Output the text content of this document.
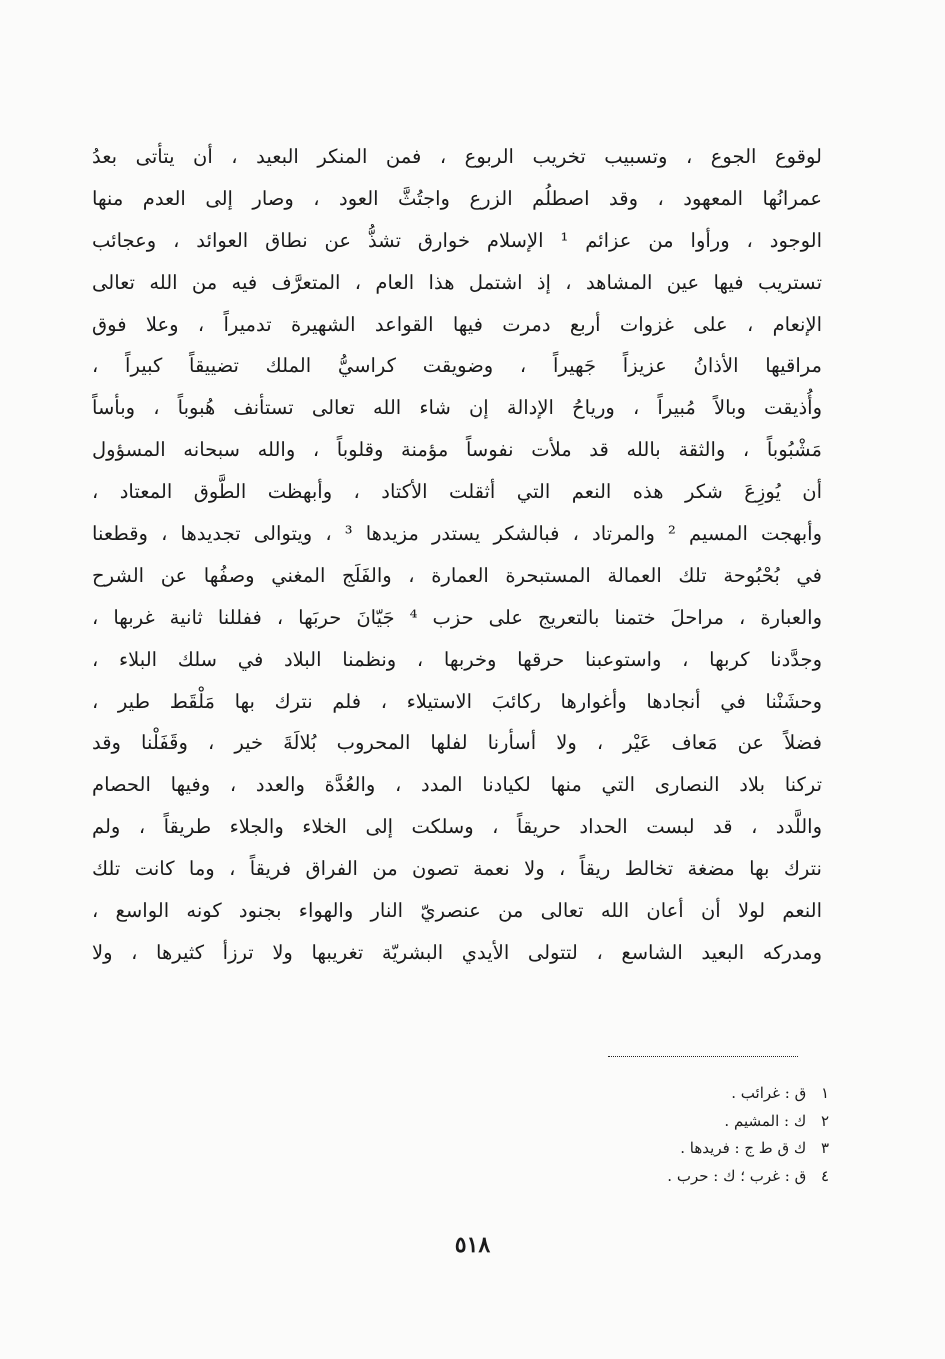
لوقوع الجوع ، وتسبيب تخريب الربوع ، فمن المنكر البعيد ، أن يتأتى بعدُ
عمرانُها المعهود ، وقد اصطلُم الزرع واجتُثَّ العود ، وصار إلى العدم منها
الوجود ، ورأوا من عزائم ¹ الإسلام خوارق تشذُّ عن نطاق العوائد ، وعجائب
تستريب فيها عين المشاهد ، إذ اشتمل هذا العام ، المتعرَّف فيه من الله تعالى
الإنعام ، على غزوات أربع دمرت فيها القواعد الشهيرة تدميراً ، وعلا فوق
مراقيها الأذانُ عزيزاً جَهيراً ، وضويقت كراسيُّ الملك تضييقاً كبيراً ،
وأُذيقت وبالاً مُبيراً ، ورياحُ الإدالة إن شاء الله تعالى تستأنف هُبوباً ، وبأساً
مَشْبُوباً ، والثقة بالله قد ملأت نفوساً مؤمنة وقلوباً ، والله سبحانه المسؤول
أن يُوزِعَ شكر هذه النعم التي أثقلت الأكتاد ، وأبهظت الطَّوق المعتاد ،
وأبهجت المسيم ² والمرتاد ، فبالشكر يستدر مزيدها ³ ، ويتوالى تجديدها ، وقطعنا
في بُحْبُوحة تلك العمالة المستبحرة العمارة ، والفَلَج المغني وصفُها عن الشرح
والعبارة ، مراحلَ ختمنا بالتعريج على حزب ⁴ جَيّانَ حربَها ، ففللنا ثانية غربها ،
وجدَّدنا كربها ، واستوعبنا حرقها وخربها ، ونظمنا البلاد في سلك البلاء ،
وحشَنْنا في أنجادها وأغوارها ركائبَ الاستيلاء ، فلم نترك بها مَلْقَط طير ،
فضلاً عن مَعاف عَيْر ، ولا أسأرنا لفلها المحروب بُلالَةَ خير ، وقَفَلْنا وقد
تركنا بلاد النصارى التي منها لكيادنا المدد ، والعُدَّة والعدد ، وفيها الحصام
واللَّدد ، قد لبست الحداد حريقاً ، وسلكت إلى الخلاء والجلاء طريقاً ، ولم
نترك بها مضغة تخالط ريقاً ، ولا نعمة تصون من الفراق فريقاً ، وما كانت تلك
النعم لولا أن أعان الله تعالى من عنصريّ النار والهواء بجنود كونه الواسع ،
ومدركه البعيد الشاسع ، لتتولى الأيدي البشريّة تغريبها ولا ترزأ كثيرها ، ولا
١ ق : غرائب .
٢ ك : المشيم .
٣ ك ق ط ج : فريدها .
٤ ق : غرب ؛ ك : حرب .
٥١٨
